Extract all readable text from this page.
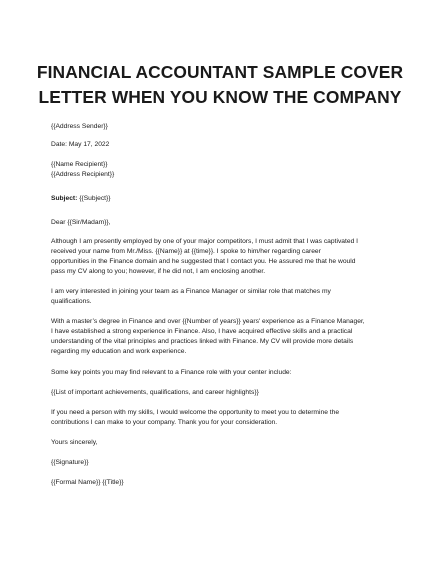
FINANCIAL ACCOUNTANT SAMPLE COVER
LETTER WHEN YOU KNOW THE COMPANY

{{Address Sender}}

Date: May 17, 2022

{{Name Recipient}}

{{Address Recipient}}

Subject: {{Subject}}

Dear {{Sir/Madam}},

Although I am presently employed by one of your major competitors, I must admit that I was captivated I

received your name from Mr./Miss. {{Name}} at {{time}}. I spoke to him/her regarding career

opportunities in the Finance domain and he suggested that I contact you. He assured me that he would

pass my CV along to you; however, if he did not, I am enclosing another.

I am very interested in joining your team as a Finance Manager or similar role that matches my

qualifications.

With a master’s degree in Finance and over {{Number of years}} years' experience as a Finance Manager,

I have established a strong experience in Finance. Also, I have acquired effective skills and a practical

understanding of the vital principles and practices linked with Finance. My CV will provide more details

regarding my education and work experience.

Some key points you may find relevant to a Finance role with your center include:

{{List of important achievements, qualifications, and career highlights}}

If you need a person with my skills, I would welcome the opportunity to meet you to determine the

contributions I can make to your company. Thank you for your consideration.

Yours sincerely,

{{Signature}}

{{Formal Name}} {{Title}}
